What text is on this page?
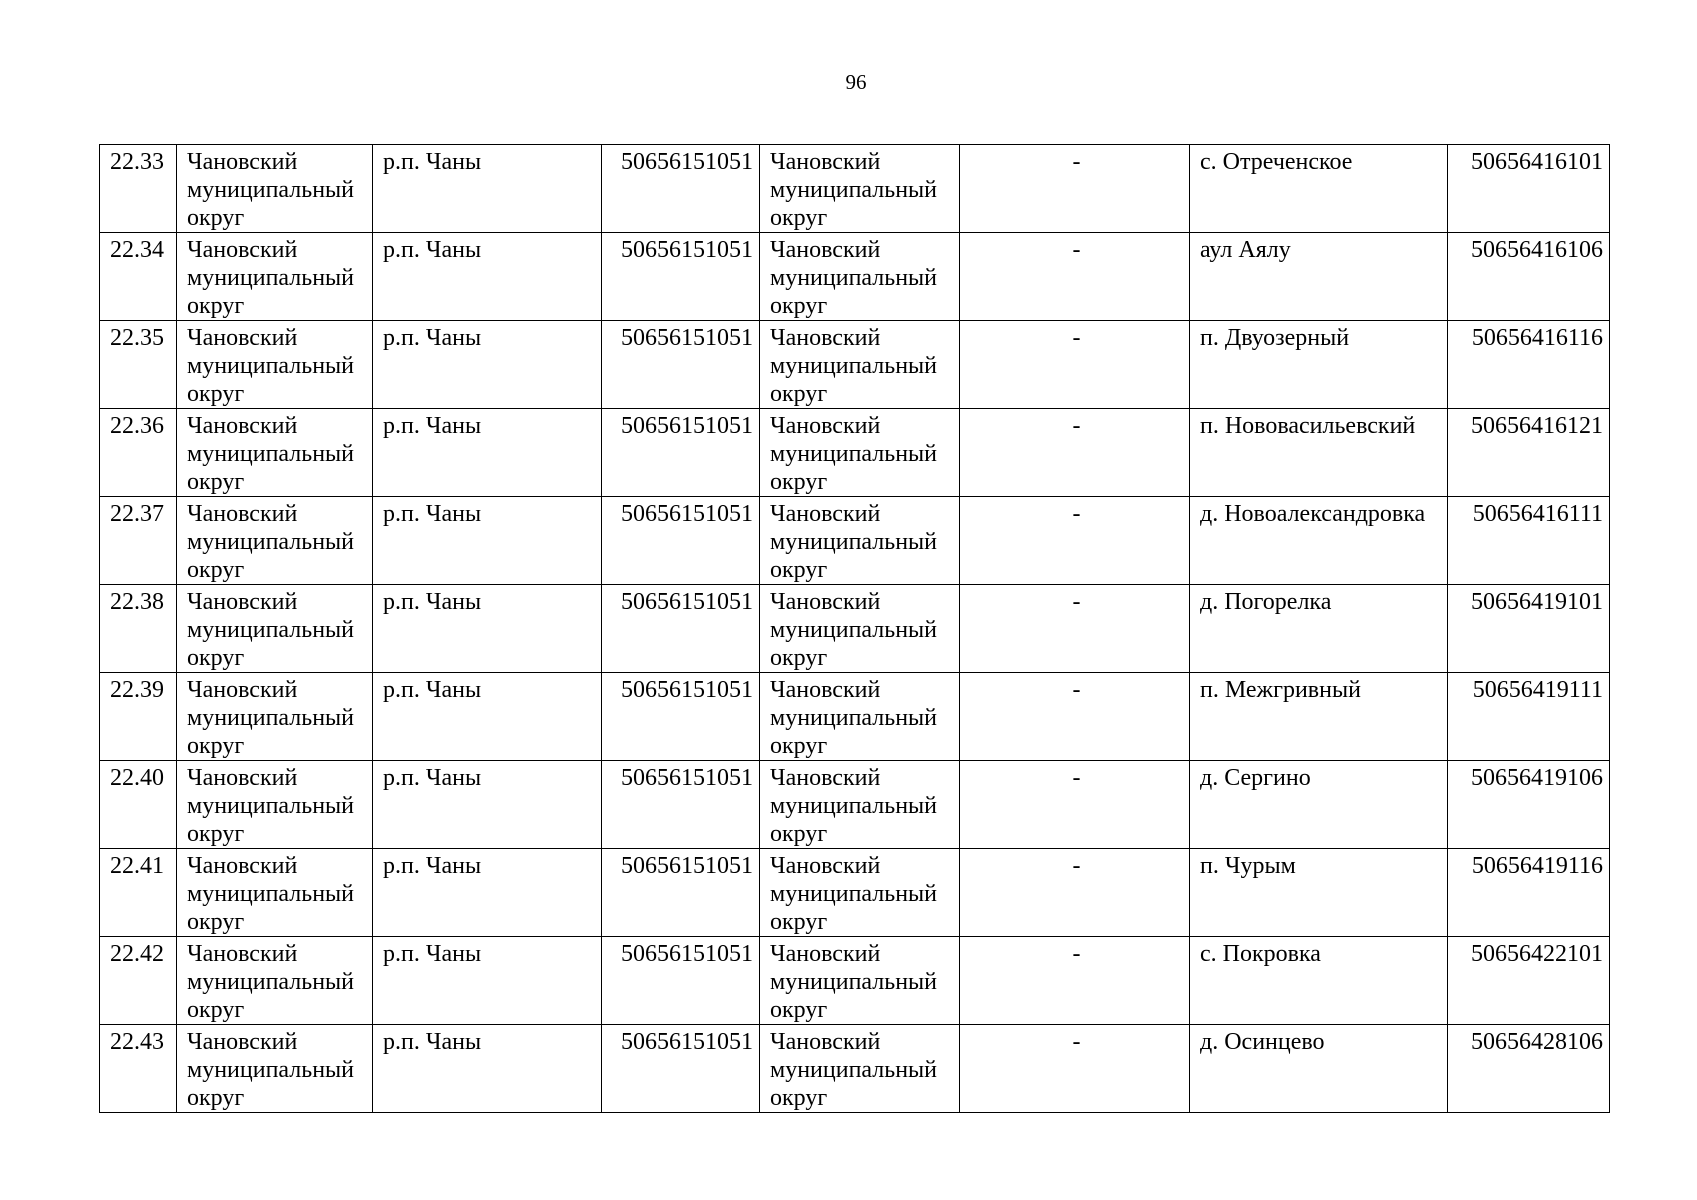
96
22.33	Чановский муниципальный округ	р.п. Чаны	50656151051	Чановский муниципальный округ	-	с. Отреченское	50656416101
22.34	Чановский муниципальный округ	р.п. Чаны	50656151051	Чановский муниципальный округ	-	аул Аялу	50656416106
22.35	Чановский муниципальный округ	р.п. Чаны	50656151051	Чановский муниципальный округ	-	п. Двуозерный	50656416116
22.36	Чановский муниципальный округ	р.п. Чаны	50656151051	Чановский муниципальный округ	-	п. Нововасильевский	50656416121
22.37	Чановский муниципальный округ	р.п. Чаны	50656151051	Чановский муниципальный округ	-	д. Новоалександровка	50656416111
22.38	Чановский муниципальный округ	р.п. Чаны	50656151051	Чановский муниципальный округ	-	д. Погорелка	50656419101
22.39	Чановский муниципальный округ	р.п. Чаны	50656151051	Чановский муниципальный округ	-	п. Межгривный	50656419111
22.40	Чановский муниципальный округ	р.п. Чаны	50656151051	Чановский муниципальный округ	-	д. Сергино	50656419106
22.41	Чановский муниципальный округ	р.п. Чаны	50656151051	Чановский муниципальный округ	-	п. Чурым	50656419116
22.42	Чановский муниципальный округ	р.п. Чаны	50656151051	Чановский муниципальный округ	-	с. Покровка	50656422101
22.43	Чановский муниципальный округ	р.п. Чаны	50656151051	Чановский муниципальный округ	-	д. Осинцево	50656428106
